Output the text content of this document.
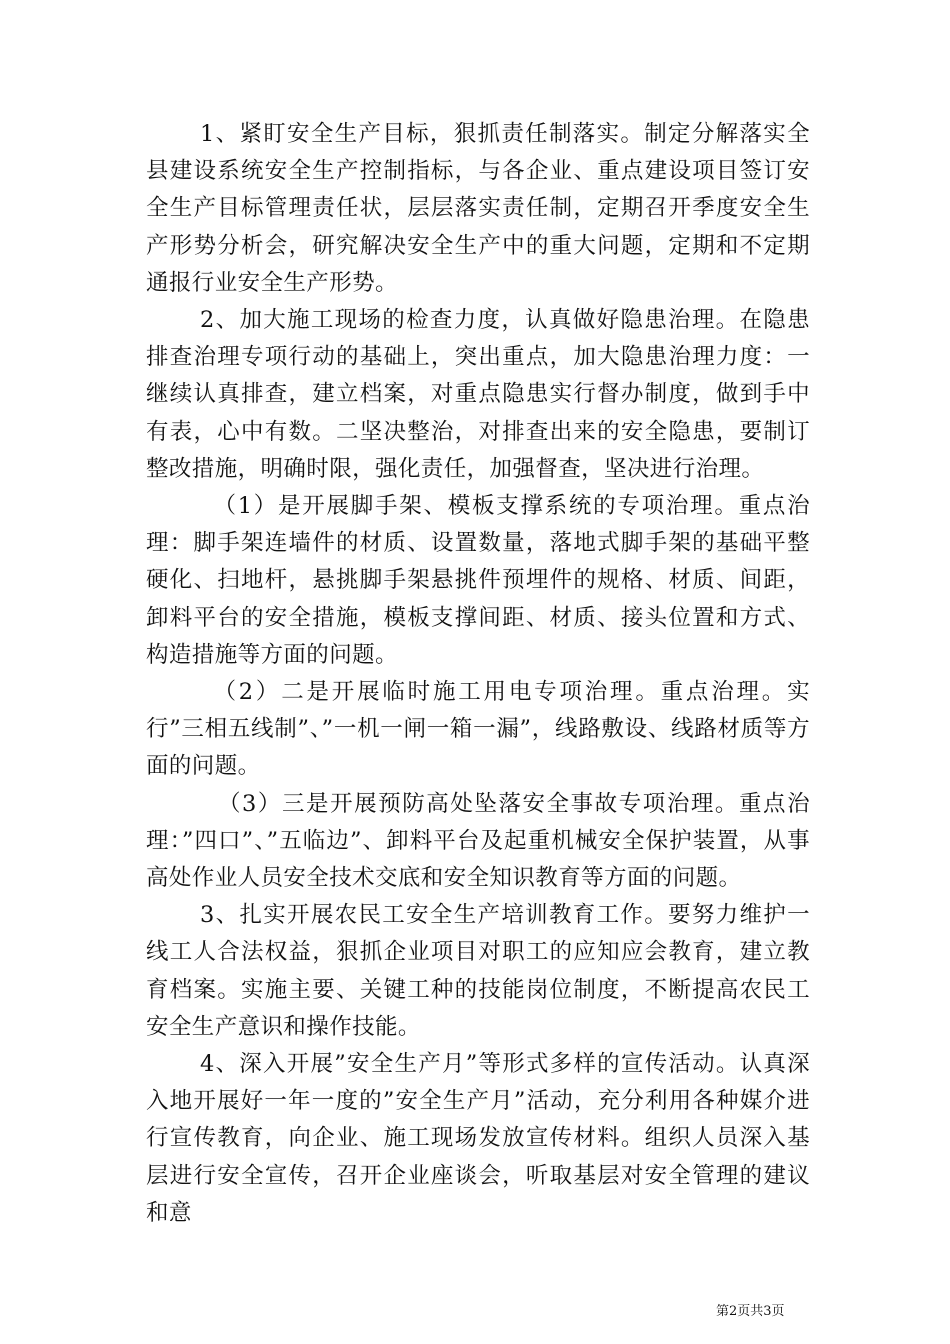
1、紧盯安全生产目标，狠抓责任制落实。制定分解落实全县建设系统安全生产控制指标，与各企业、重点建设项目签订安全生产目标管理责任状，层层落实责任制，定期召开季度安全生产形势分析会，研究解决安全生产中的重大问题，定期和不定期通报行业安全生产形势。

2、加大施工现场的检查力度，认真做好隐患治理。在隐患排查治理专项行动的基础上，突出重点，加大隐患治理力度：一继续认真排查，建立档案，对重点隐患实行督办制度，做到手中有表，心中有数。二坚决整治，对排查出来的安全隐患，要制订整改措施，明确时限，强化责任，加强督查，坚决进行治理。

（1）是开展脚手架、模板支撑系统的专项治理。重点治理：脚手架连墙件的材质、设置数量，落地式脚手架的基础平整硬化、扫地杆，悬挑脚手架悬挑件预埋件的规格、材质、间距，卸料平台的安全措施，模板支撑间距、材质、接头位置和方式、构造措施等方面的问题。

（2）二是开展临时施工用电专项治理。重点治理。实行”三相五线制”、”一机一闸一箱一漏”，线路敷设、线路材质等方面的问题。

（3）三是开展预防高处坠落安全事故专项治理。重点治理：”四口”、”五临边”、卸料平台及起重机械安全保护装置，从事高处作业人员安全技术交底和安全知识教育等方面的问题。

3、扎实开展农民工安全生产培训教育工作。要努力维护一线工人合法权益，狠抓企业项目对职工的应知应会教育，建立教育档案。实施主要、关键工种的技能岗位制度，不断提高农民工安全生产意识和操作技能。

4、深入开展”安全生产月”等形式多样的宣传活动。认真深入地开展好一年一度的”安全生产月”活动，充分利用各种媒介进行宣传教育，向企业、施工现场发放宣传材料。组织人员深入基层进行安全宣传，召开企业座谈会，听取基层对安全管理的建议和意

第2页共3页
